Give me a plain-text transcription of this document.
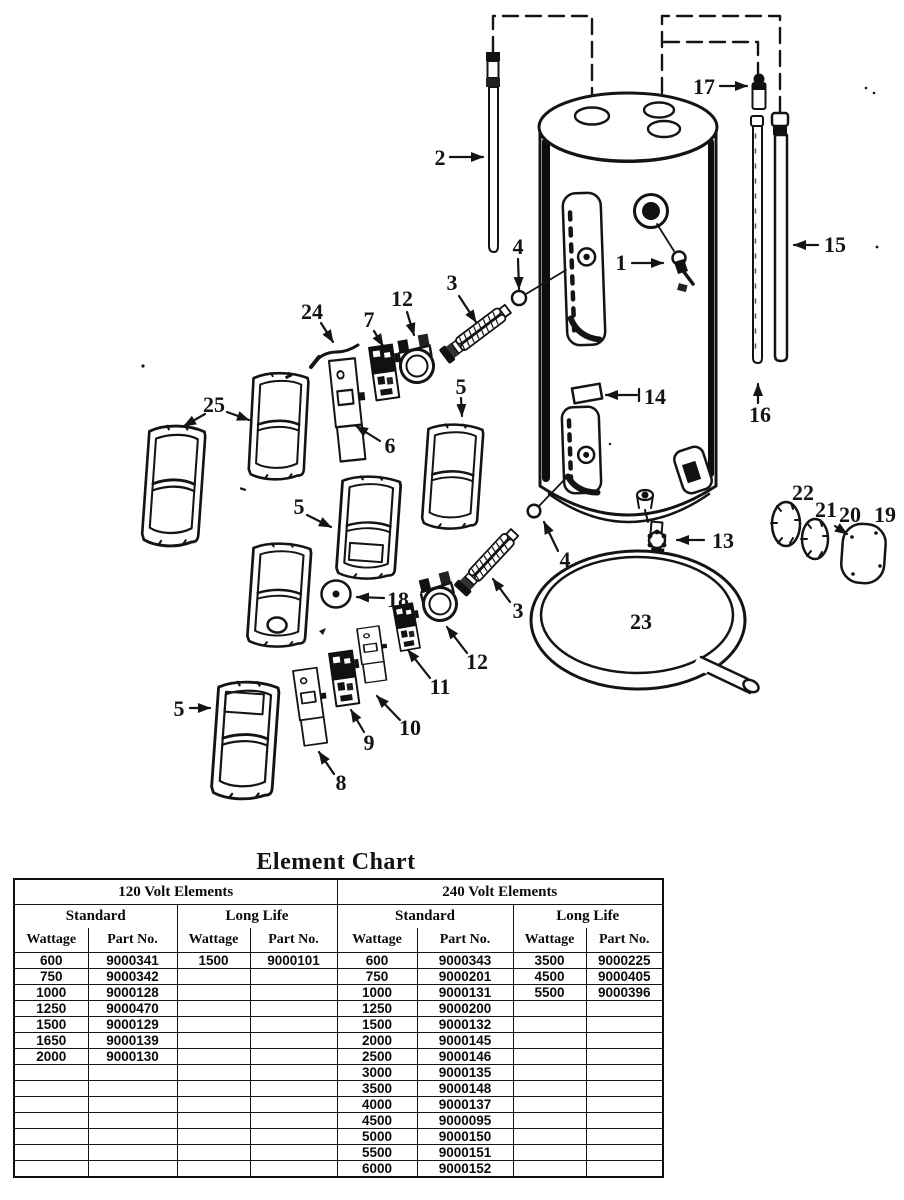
2
17
15
16
1
4
3
12
7
24
25
6
5
5
5
14
13
4
3
18
12
11
10
9
8
22
21 20 19
23
Element Chart
120 Volt Elements				240 Volt Elements			
Standard		Long Life		Standard		Long Life	
Wattage	Part No.	Wattage	Part No.	Wattage	Part No.	Wattage	Part No.
600	9000341	1500	9000101	600	9000343	3500	9000225
750	9000342			750	9000201	4500	9000405
1000	9000128			1000	9000131	5500	9000396
1250	9000470			1250	9000200		
1500	9000129			1500	9000132		
1650	9000139			2000	9000145		
2000	9000130			2500	9000146		
				3000	9000135		
				3500	9000148		
				4000	9000137		
				4500	9000095		
				5000	9000150		
				5500	9000151		
				6000	9000152		
